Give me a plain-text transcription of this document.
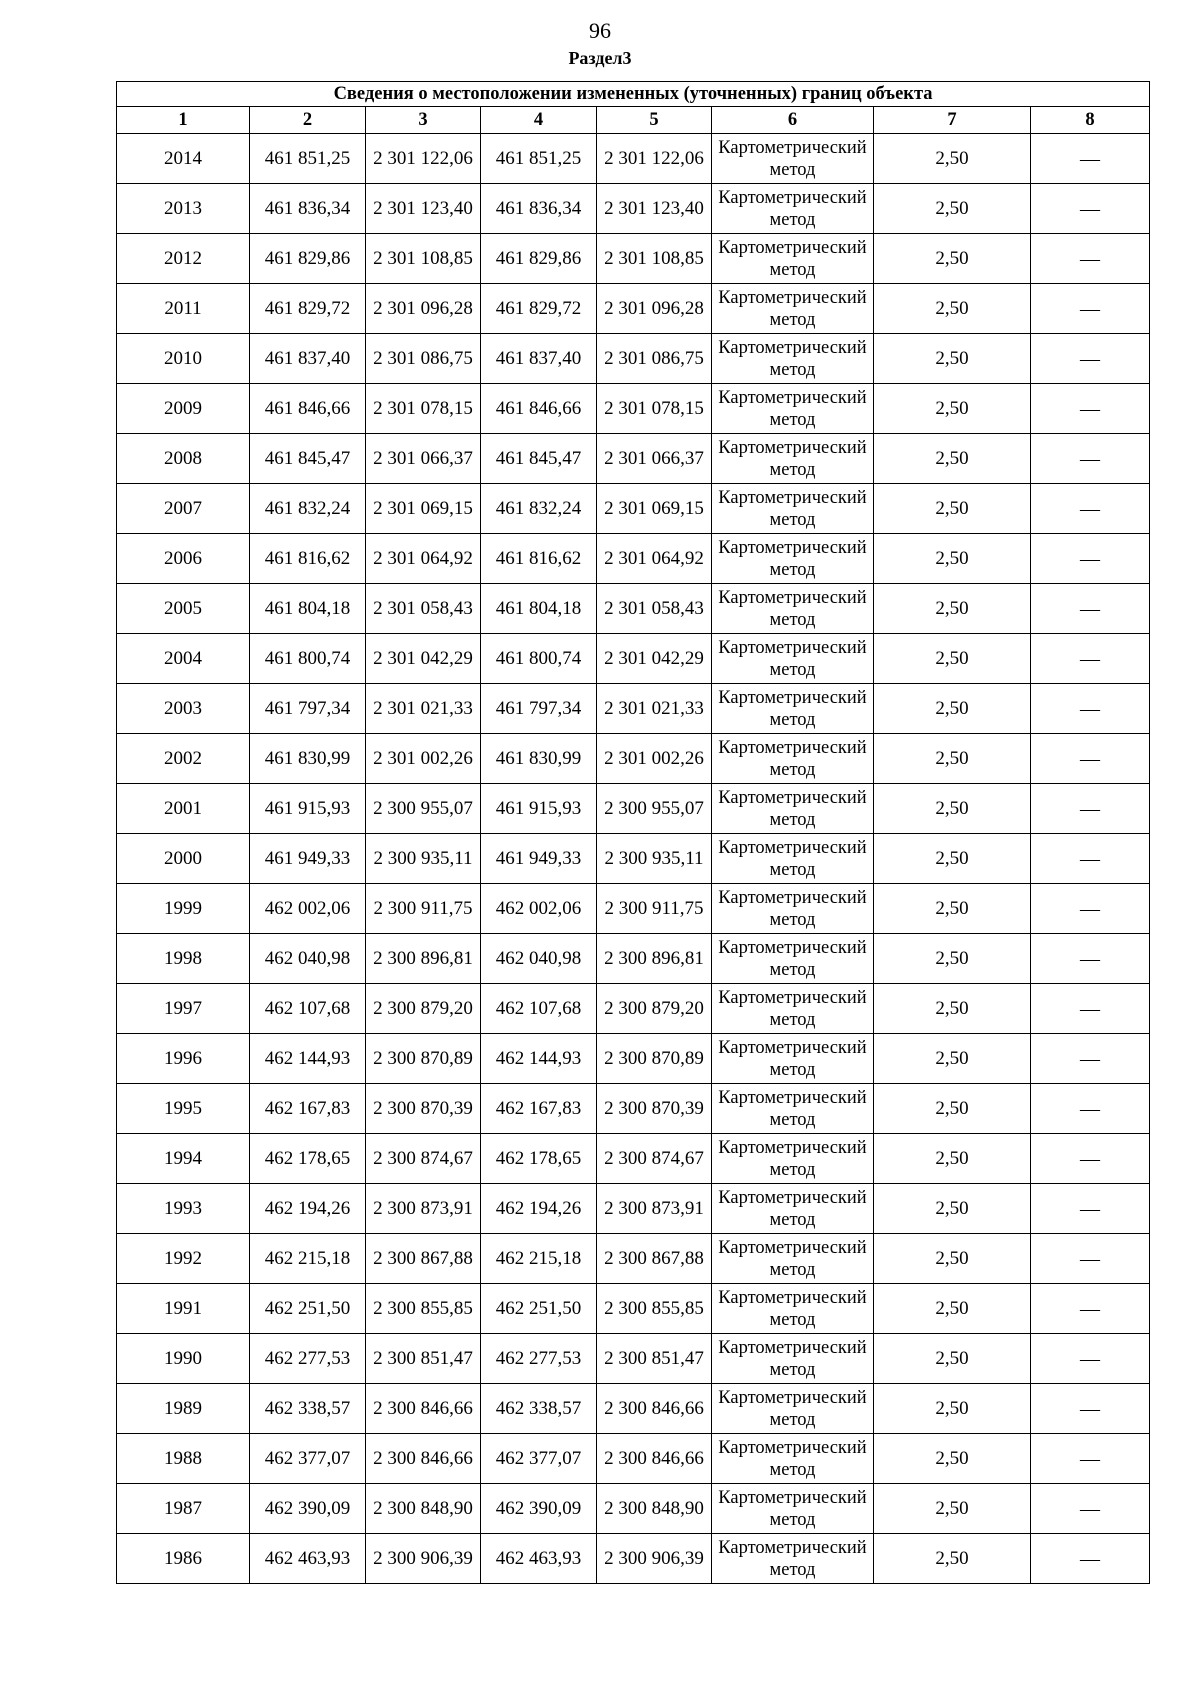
96
Раздел3
Сведения о местоположении измененных (уточненных) границ объекта							
1	2	3	4	5	6	7	8
2014	461 851,25	2 301 122,06	461 851,25	2 301 122,06	Картометрический метод	2,50	—
2013	461 836,34	2 301 123,40	461 836,34	2 301 123,40	Картометрический метод	2,50	—
2012	461 829,86	2 301 108,85	461 829,86	2 301 108,85	Картометрический метод	2,50	—
2011	461 829,72	2 301 096,28	461 829,72	2 301 096,28	Картометрический метод	2,50	—
2010	461 837,40	2 301 086,75	461 837,40	2 301 086,75	Картометрический метод	2,50	—
2009	461 846,66	2 301 078,15	461 846,66	2 301 078,15	Картометрический метод	2,50	—
2008	461 845,47	2 301 066,37	461 845,47	2 301 066,37	Картометрический метод	2,50	—
2007	461 832,24	2 301 069,15	461 832,24	2 301 069,15	Картометрический метод	2,50	—
2006	461 816,62	2 301 064,92	461 816,62	2 301 064,92	Картометрический метод	2,50	—
2005	461 804,18	2 301 058,43	461 804,18	2 301 058,43	Картометрический метод	2,50	—
2004	461 800,74	2 301 042,29	461 800,74	2 301 042,29	Картометрический метод	2,50	—
2003	461 797,34	2 301 021,33	461 797,34	2 301 021,33	Картометрический метод	2,50	—
2002	461 830,99	2 301 002,26	461 830,99	2 301 002,26	Картометрический метод	2,50	—
2001	461 915,93	2 300 955,07	461 915,93	2 300 955,07	Картометрический метод	2,50	—
2000	461 949,33	2 300 935,11	461 949,33	2 300 935,11	Картометрический метод	2,50	—
1999	462 002,06	2 300 911,75	462 002,06	2 300 911,75	Картометрический метод	2,50	—
1998	462 040,98	2 300 896,81	462 040,98	2 300 896,81	Картометрический метод	2,50	—
1997	462 107,68	2 300 879,20	462 107,68	2 300 879,20	Картометрический метод	2,50	—
1996	462 144,93	2 300 870,89	462 144,93	2 300 870,89	Картометрический метод	2,50	—
1995	462 167,83	2 300 870,39	462 167,83	2 300 870,39	Картометрический метод	2,50	—
1994	462 178,65	2 300 874,67	462 178,65	2 300 874,67	Картометрический метод	2,50	—
1993	462 194,26	2 300 873,91	462 194,26	2 300 873,91	Картометрический метод	2,50	—
1992	462 215,18	2 300 867,88	462 215,18	2 300 867,88	Картометрический метод	2,50	—
1991	462 251,50	2 300 855,85	462 251,50	2 300 855,85	Картометрический метод	2,50	—
1990	462 277,53	2 300 851,47	462 277,53	2 300 851,47	Картометрический метод	2,50	—
1989	462 338,57	2 300 846,66	462 338,57	2 300 846,66	Картометрический метод	2,50	—
1988	462 377,07	2 300 846,66	462 377,07	2 300 846,66	Картометрический метод	2,50	—
1987	462 390,09	2 300 848,90	462 390,09	2 300 848,90	Картометрический метод	2,50	—
1986	462 463,93	2 300 906,39	462 463,93	2 300 906,39	Картометрический метод	2,50	—
